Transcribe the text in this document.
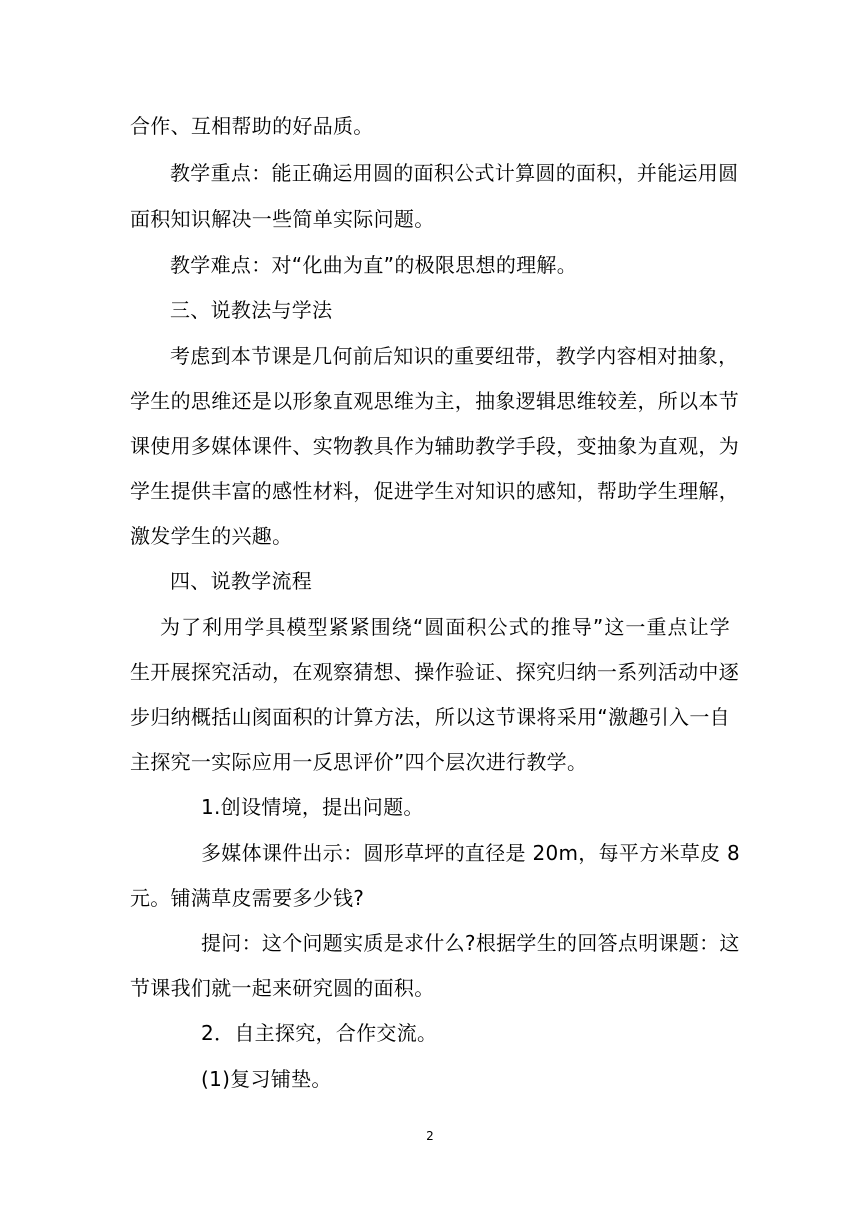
合作、互相帮助的好品质。
教学重点：能正确运用圆的面积公式计算圆的面积，并能运用圆
面积知识解决一些简单实际问题。
教学难点：对“化曲为直”的极限思想的理解。
三、说教法与学法
考虑到本节课是几何前后知识的重要纽带，教学内容相对抽象，
学生的思维还是以形象直观思维为主，抽象逻辑思维较差，所以本节
课使用多媒体课件、实物教具作为辅助教学手段，变抽象为直观，为
学生提供丰富的感性材料，促进学生对知识的感知，帮助学生理解，
激发学生的兴趣。
四、说教学流程
为了利用学具模型紧紧围绕“圆面积公式的推导”这一重点让学
生开展探究活动，在观察猜想、操作验证、探究归纳一系列活动中逐
步归纳概括山阂面积的计算方法，所以这节课将采用“激趣引入一自
主探究一实际应用一反思评价”四个层次进行教学。
1.创设情境，提出问题。
多媒体课件出示：圆形草坪的直径是 20m，每平方米草皮 8
元。铺满草皮需要多少钱?
提问：这个问题实质是求什么?根据学生的回答点明课题：这
节课我们就一起来研究圆的面积。
2．自主探究，合作交流。
(1)复习铺垫。
2
